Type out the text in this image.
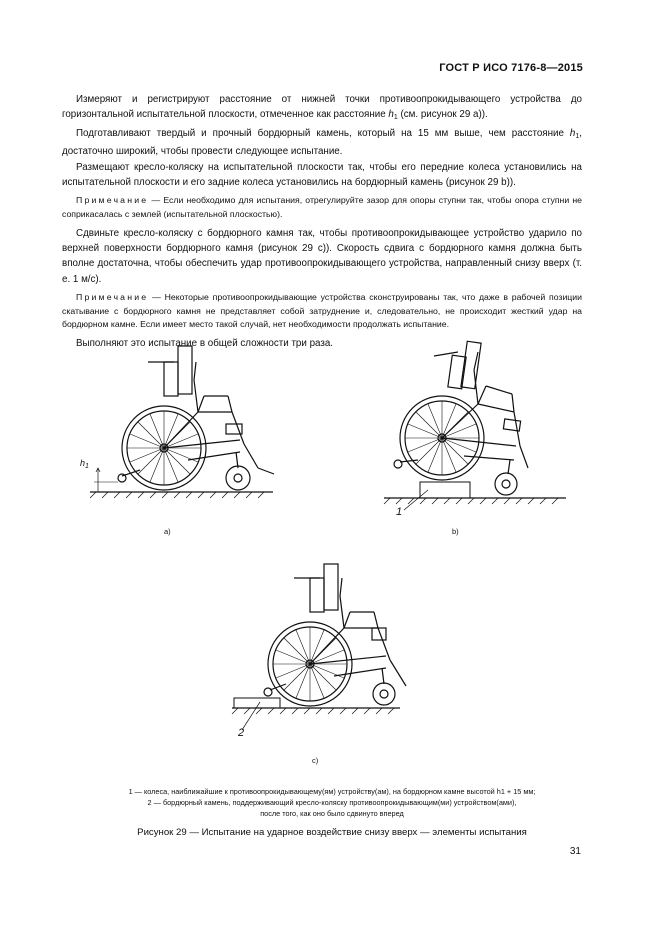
ГОСТ Р ИСО 7176-8—2015

Измеряют и регистрируют расстояние от нижней точки противоопрокидывающего устройства до горизонтальной испытательной плоскости, отмеченное как расстояние $h_1$ (см. рисунок 29 а)).

Подготавливают твердый и прочный бордюрный камень, который на 15 мм выше, чем расстояние $h_1$, достаточно широкий, чтобы провести следующее испытание.

Размещают кресло-коляску на испытательной плоскости так, чтобы его передние колеса установились на испытательной плоскости и его задние колеса установились на бордюрный камень (рисунок 29 b)).

Примечание — Если необходимо для испытания, отрегулируйте зазор для опоры ступни так, чтобы опора ступни не соприкасалась с землей (испытательной плоскостью).

Сдвиньте кресло-коляску с бордюрного камня так, чтобы противоопрокидывающее устройство ударило по верхней поверхности бордюрного камня (рисунок 29 c)). Скорость сдвига с бордюрного камня должна быть вполне достаточна, чтобы обеспечить удар противоопрокидывающего устройства, направленный снизу вверх (т. е. 1 м/с).

Примечание — Некоторые противоопрокидывающие устройства сконструированы так, что даже в рабочей позиции скатывание с бордюрного камня не представляет собой затруднение и, следовательно, не происходит жесткий удар на бордюрном камне. Если имеет место такой случай, нет необходимости продолжать испытание.

Выполняют это испытание в общей сложности три раза.

$h_1$
a)
1
b)
2
c)
1 — колеса, наиближайшие к противоопрокидывающему(ям) устройству(ам), на бордюрном камне высотой h1 + 15 мм;
2 — бордюрный камень, поддерживающий кресло-коляску противоопрокидывающим(ми) устройством(ами),
после того, как оно было сдвинуто вперед
Рисунок 29 — Испытание на ударное воздействие снизу вверх — элементы испытания
31
